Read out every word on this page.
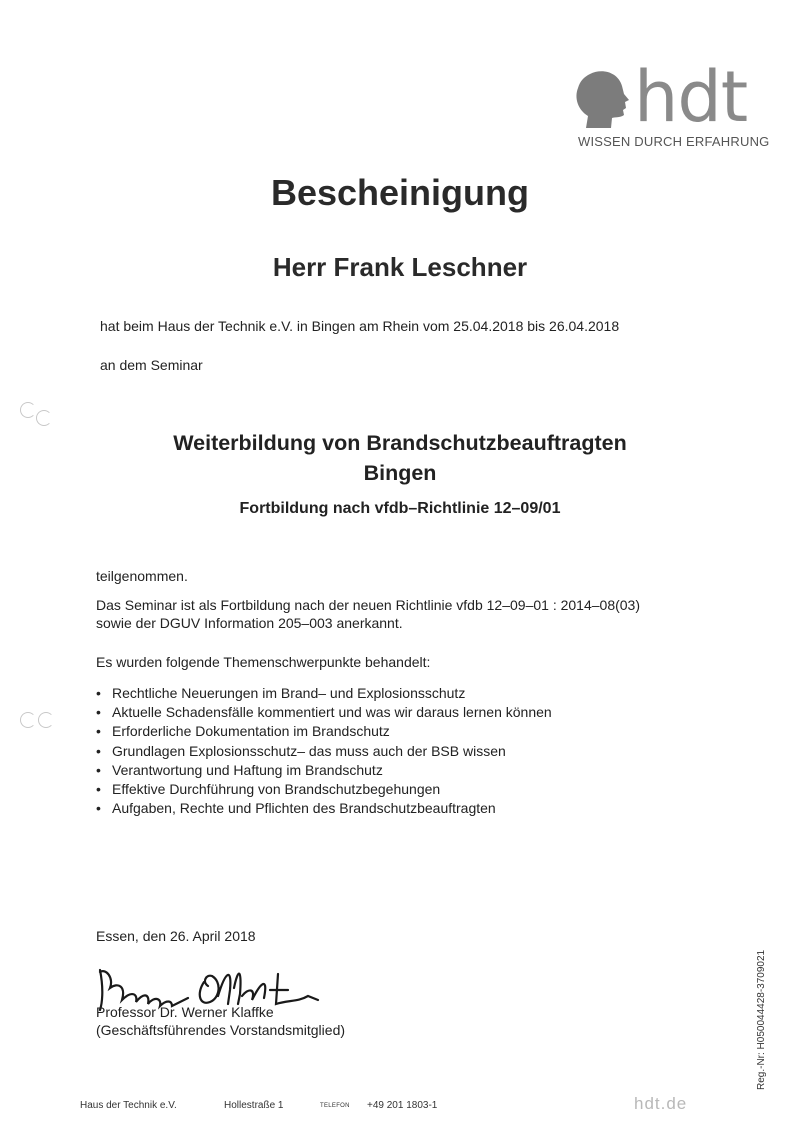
hdt
WISSEN DURCH ERFAHRUNG
Bescheinigung
Herr Frank Leschner
hat beim Haus der Technik e.V. in Bingen am Rhein vom 25.04.2018 bis 26.04.2018
an dem Seminar
Weiterbildung von Brandschutzbeauftragten
Bingen
Fortbildung nach vfdb–Richtlinie 12–09/01
teilgenommen.
Das Seminar ist als Fortbildung nach der neuen Richtlinie vfdb 12–09–01 : 2014–08(03)
sowie der DGUV Information 205–003 anerkannt.
Es wurden folgende Themenschwerpunkte behandelt:
• Rechtliche Neuerungen im Brand– und Explosionsschutz
• Aktuelle Schadensfälle kommentiert und was wir daraus lernen können
• Erforderliche Dokumentation im Brandschutz
• Grundlagen Explosionsschutz– das muss auch der BSB wissen
• Verantwortung und Haftung im Brandschutz
• Effektive Durchführung von Brandschutzbegehungen
• Aufgaben, Rechte und Pflichten des Brandschutzbeauftragten
Essen, den 26. April 2018
Professor Dr. Werner Klaffke
(Geschäftsführendes Vorstandsmitglied)
Haus der Technik e.V.	Hollestraße 1	TELEFON +49 201 1803-1	hdt.de
Reg.-Nr: H050044428-3709021
